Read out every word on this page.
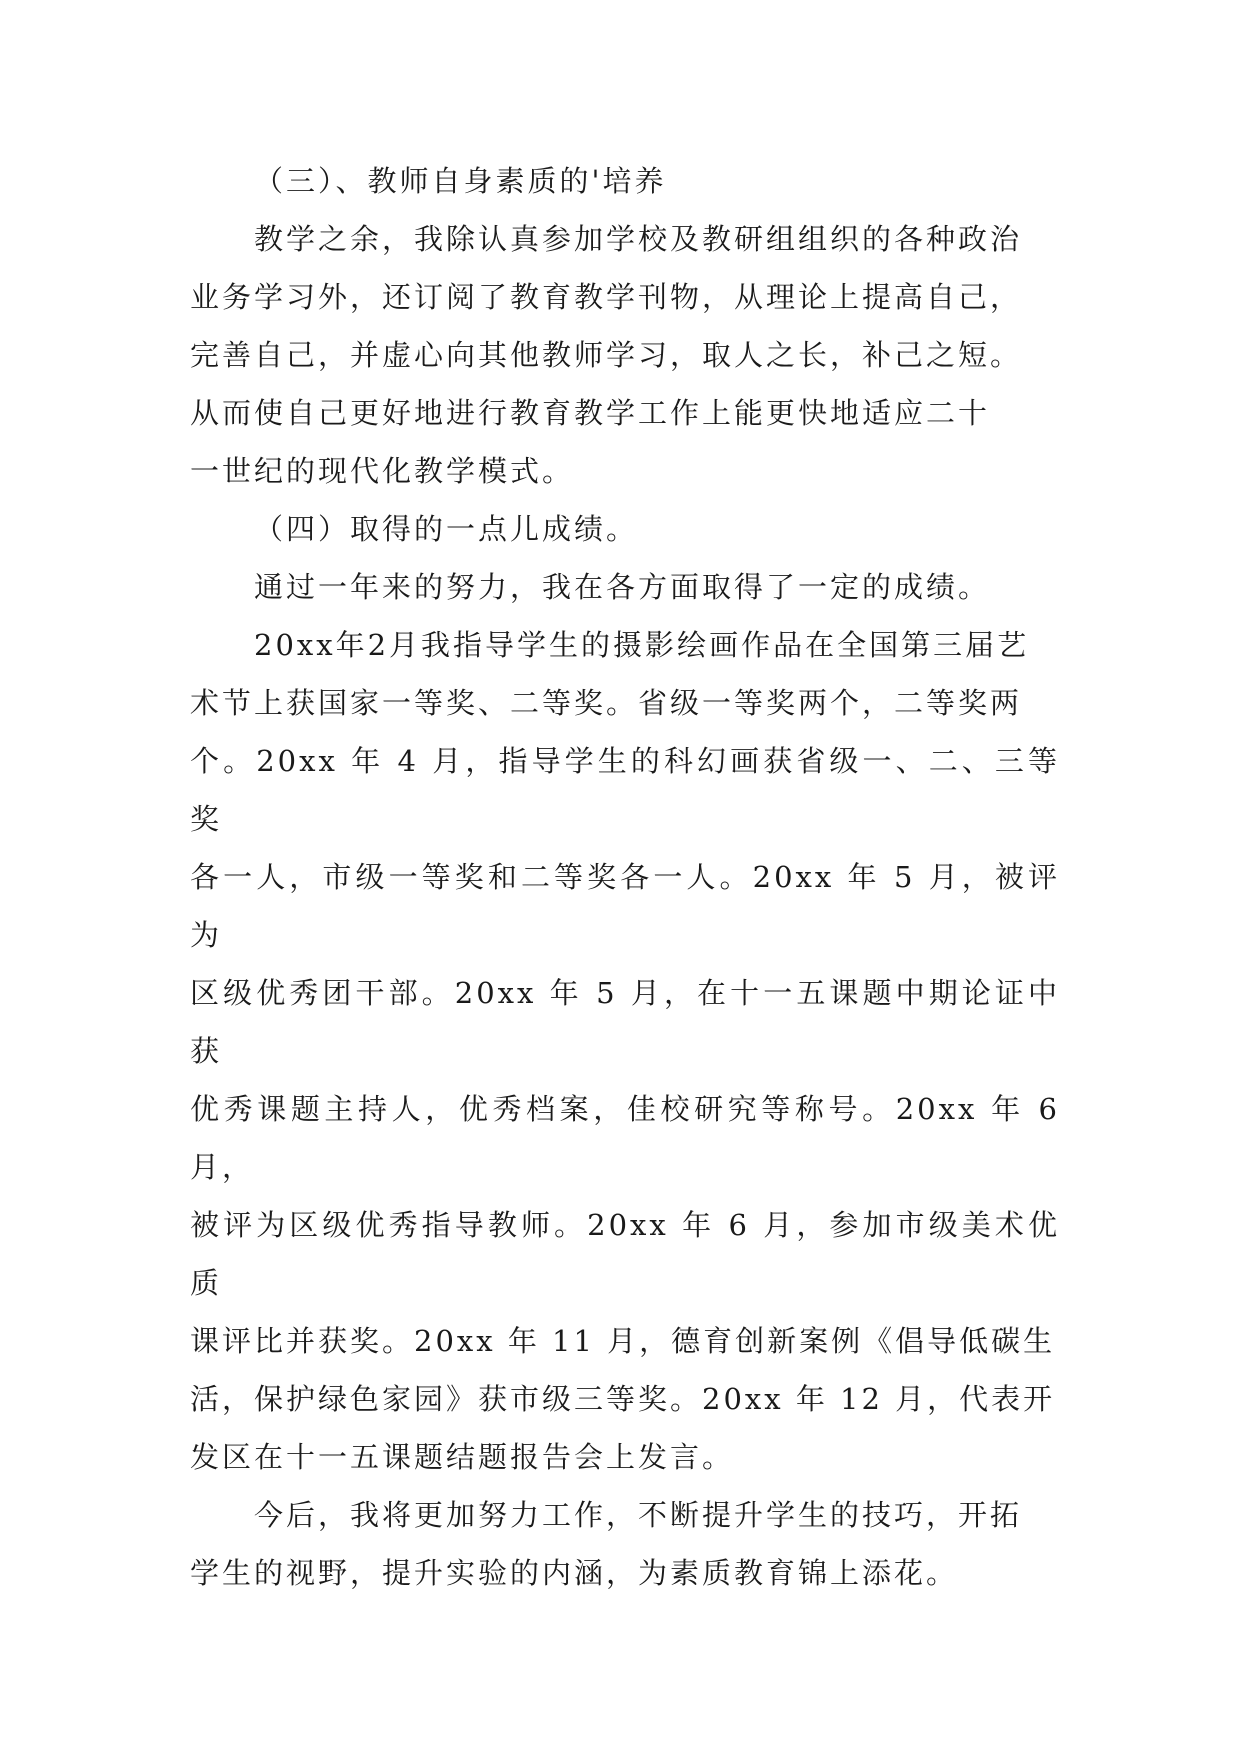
（三）、教师自身素质的'培养

教学之余，我除认真参加学校及教研组组织的各种政治
业务学习外，还订阅了教育教学刊物，从理论上提高自己，
完善自己，并虚心向其他教师学习，取人之长，补己之短。
从而使自己更好地进行教育教学工作上能更快地适应二十
一世纪的现代化教学模式。

（四）取得的一点儿成绩。

通过一年来的努力，我在各方面取得了一定的成绩。

20xx年2月我指导学生的摄影绘画作品在全国第三届艺
术节上获国家一等奖、二等奖。省级一等奖两个，二等奖两
个。20xx 年 4 月，指导学生的科幻画获省级一、二、三等奖
各一人，市级一等奖和二等奖各一人。20xx 年 5 月，被评为
区级优秀团干部。20xx 年 5 月，在十一五课题中期论证中获
优秀课题主持人，优秀档案，佳校研究等称号。20xx 年 6 月，
被评为区级优秀指导教师。20xx 年 6 月，参加市级美术优质
课评比并获奖。20xx 年 11 月，德育创新案例《倡导低碳生
活，保护绿色家园》获市级三等奖。20xx 年 12 月，代表开
发区在十一五课题结题报告会上发言。

今后，我将更加努力工作，不断提升学生的技巧，开拓
学生的视野，提升实验的内涵，为素质教育锦上添花。
